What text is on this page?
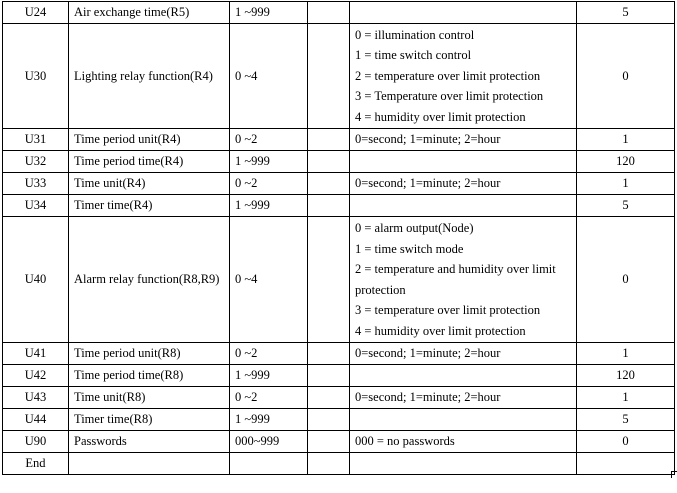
U24	Air exchange time(R5)	1 ~999			5
U30	Lighting relay function(R4)	0 ~4		0 = illumination control
1 = time switch control
2 = temperature over limit protection
3 = Temperature over limit protection
4 = humidity over limit protection	0
U31	Time period unit(R4)	0 ~2		0=second; 1=minute; 2=hour	1
U32	Time period time(R4)	1 ~999			120
U33	Time unit(R4)	0 ~2		0=second; 1=minute; 2=hour	1
U34	Timer time(R4)	1 ~999			5
U40	Alarm relay function(R8,R9)	0 ~4		0 = alarm output(Node)
1 = time switch mode
2 = temperature and humidity over limit protection
3 = temperature over limit protection
4 = humidity over limit protection	0
U41	Time period unit(R8)	0 ~2		0=second; 1=minute; 2=hour	1
U42	Time period time(R8)	1 ~999			120
U43	Time unit(R8)	0 ~2		0=second; 1=minute; 2=hour	1
U44	Timer time(R8)	1 ~999			5
U90	Passwords	000~999		000 = no passwords	0
End					
